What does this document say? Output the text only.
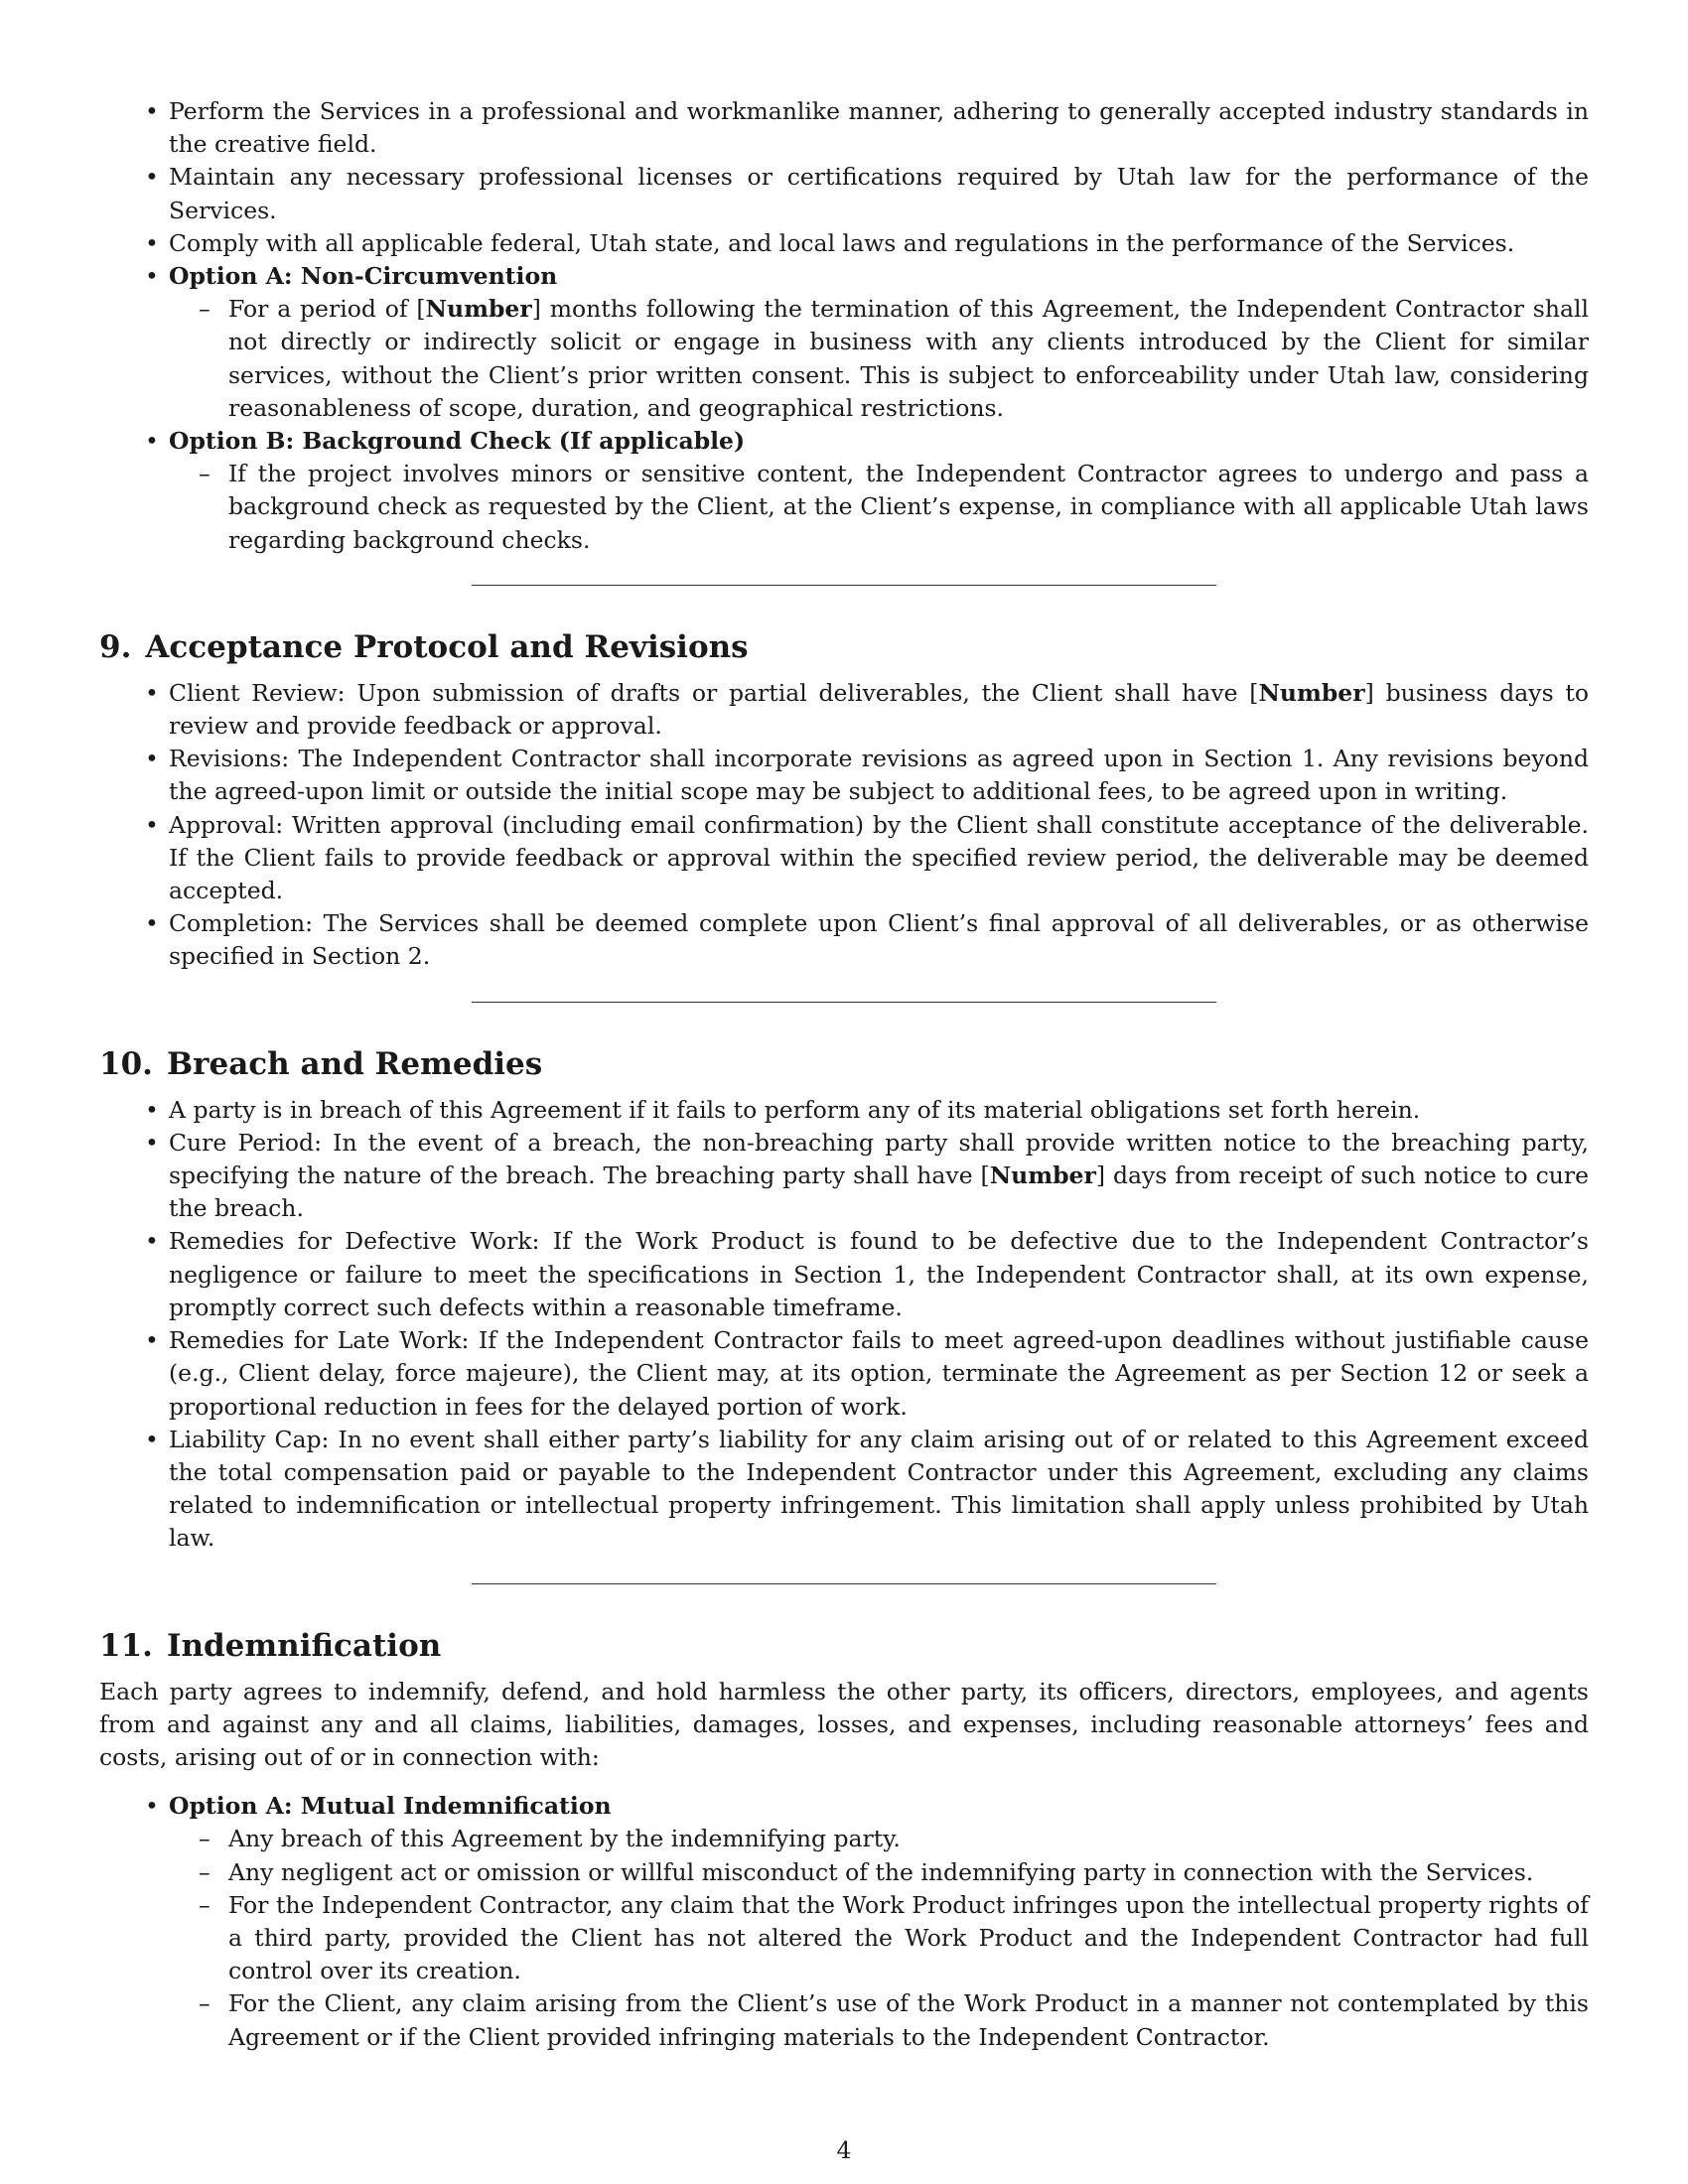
• Perform the Services in a professional and workmanlike manner, adhering to generally accepted industry standards in the creative field.
• Maintain any necessary professional licenses or certifications required by Utah law for the performance of the Services.
• Comply with all applicable federal, Utah state, and local laws and regulations in the performance of the Services.
• Option A: Non-Circumvention
– For a period of [Number] months following the termination of this Agreement, the Independent Contractor shall not directly or indirectly solicit or engage in business with any clients introduced by the Client for similar services, without the Client’s prior written consent. This is subject to enforceability under Utah law, considering reasonableness of scope, duration, and geographical restrictions.
• Option B: Background Check (If applicable)
– If the project involves minors or sensitive content, the Independent Contractor agrees to undergo and pass a background check as requested by the Client, at the Client’s expense, in compliance with all applicable Utah laws regarding background checks.
9. Acceptance Protocol and Revisions
• Client Review: Upon submission of drafts or partial deliverables, the Client shall have [Number] business days to review and provide feedback or approval.
• Revisions: The Independent Contractor shall incorporate revisions as agreed upon in Section 1. Any revisions beyond the agreed-upon limit or outside the initial scope may be subject to additional fees, to be agreed upon in writing.
• Approval: Written approval (including email confirmation) by the Client shall constitute acceptance of the deliverable. If the Client fails to provide feedback or approval within the specified review period, the deliverable may be deemed accepted.
• Completion: The Services shall be deemed complete upon Client’s final approval of all deliverables, or as otherwise specified in Section 2.
10. Breach and Remedies
• A party is in breach of this Agreement if it fails to perform any of its material obligations set forth herein.
• Cure Period: In the event of a breach, the non-breaching party shall provide written notice to the breaching party, specifying the nature of the breach. The breaching party shall have [Number] days from receipt of such notice to cure the breach.
• Remedies for Defective Work: If the Work Product is found to be defective due to the Independent Contractor’s negligence or failure to meet the specifications in Section 1, the Independent Contractor shall, at its own expense, promptly correct such defects within a reasonable timeframe.
• Remedies for Late Work: If the Independent Contractor fails to meet agreed-upon deadlines without justifiable cause (e.g., Client delay, force majeure), the Client may, at its option, terminate the Agreement as per Section 12 or seek a proportional reduction in fees for the delayed portion of work.
• Liability Cap: In no event shall either party’s liability for any claim arising out of or related to this Agreement exceed the total compensation paid or payable to the Independent Contractor under this Agreement, excluding any claims related to indemnification or intellectual property infringement. This limitation shall apply unless prohibited by Utah law.
11. Indemnification

Each party agrees to indemnify, defend, and hold harmless the other party, its officers, directors, employees, and agents from and against any and all claims, liabilities, damages, losses, and expenses, including reasonable attorneys’ fees and costs, arising out of or in connection with:

• Option A: Mutual Indemnification
– Any breach of this Agreement by the indemnifying party.
– Any negligent act or omission or willful misconduct of the indemnifying party in connection with the Services.
– For the Independent Contractor, any claim that the Work Product infringes upon the intellectual property rights of a third party, provided the Client has not altered the Work Product and the Independent Contractor had full control over its creation.
– For the Client, any claim arising from the Client’s use of the Work Product in a manner not contemplated by this Agreement or if the Client provided infringing materials to the Independent Contractor.
4
